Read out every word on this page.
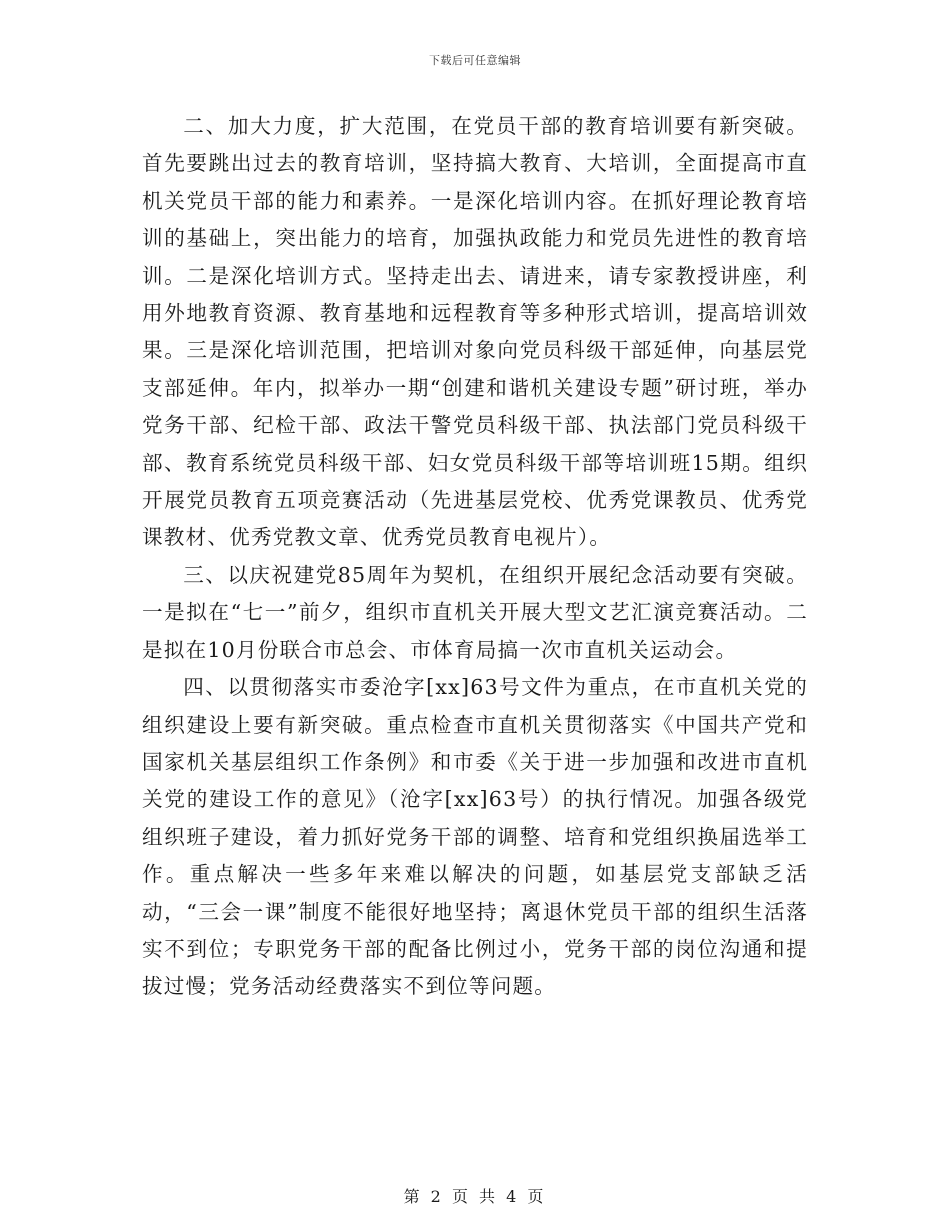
下载后可任意编辑

二、加大力度，扩大范围，在党员干部的教育培训要有新突破。首先要跳出过去的教育培训，坚持搞大教育、大培训，全面提高市直机关党员干部的能力和素养。一是深化培训内容。在抓好理论教育培训的基础上，突出能力的培育，加强执政能力和党员先进性的教育培训。二是深化培训方式。坚持走出去、请进来，请专家教授讲座，利用外地教育资源、教育基地和远程教育等多种形式培训，提高培训效果。三是深化培训范围，把培训对象向党员科级干部延伸，向基层党支部延伸。年内，拟举办一期“创建和谐机关建设专题”研讨班，举办党务干部、纪检干部、政法干警党员科级干部、执法部门党员科级干部、教育系统党员科级干部、妇女党员科级干部等培训班15期。组织开展党员教育五项竞赛活动（先进基层党校、优秀党课教员、优秀党课教材、优秀党教文章、优秀党员教育电视片）。

三、以庆祝建党85周年为契机，在组织开展纪念活动要有突破。一是拟在“七一”前夕，组织市直机关开展大型文艺汇演竞赛活动。二是拟在10月份联合市总会、市体育局搞一次市直机关运动会。

四、以贯彻落实市委沧字[xx]63号文件为重点，在市直机关党的组织建设上要有新突破。重点检查市直机关贯彻落实《中国共产党和国家机关基层组织工作条例》和市委《关于进一步加强和改进市直机关党的建设工作的意见》（沧字[xx]63号）的执行情况。加强各级党组织班子建设，着力抓好党务干部的调整、培育和党组织换届选举工作。重点解决一些多年来难以解决的问题，如基层党支部缺乏活动，“三会一课”制度不能很好地坚持；离退休党员干部的组织生活落实不到位；专职党务干部的配备比例过小，党务干部的岗位沟通和提拔过慢；党务活动经费落实不到位等问题。

第 2 页 共 4 页
